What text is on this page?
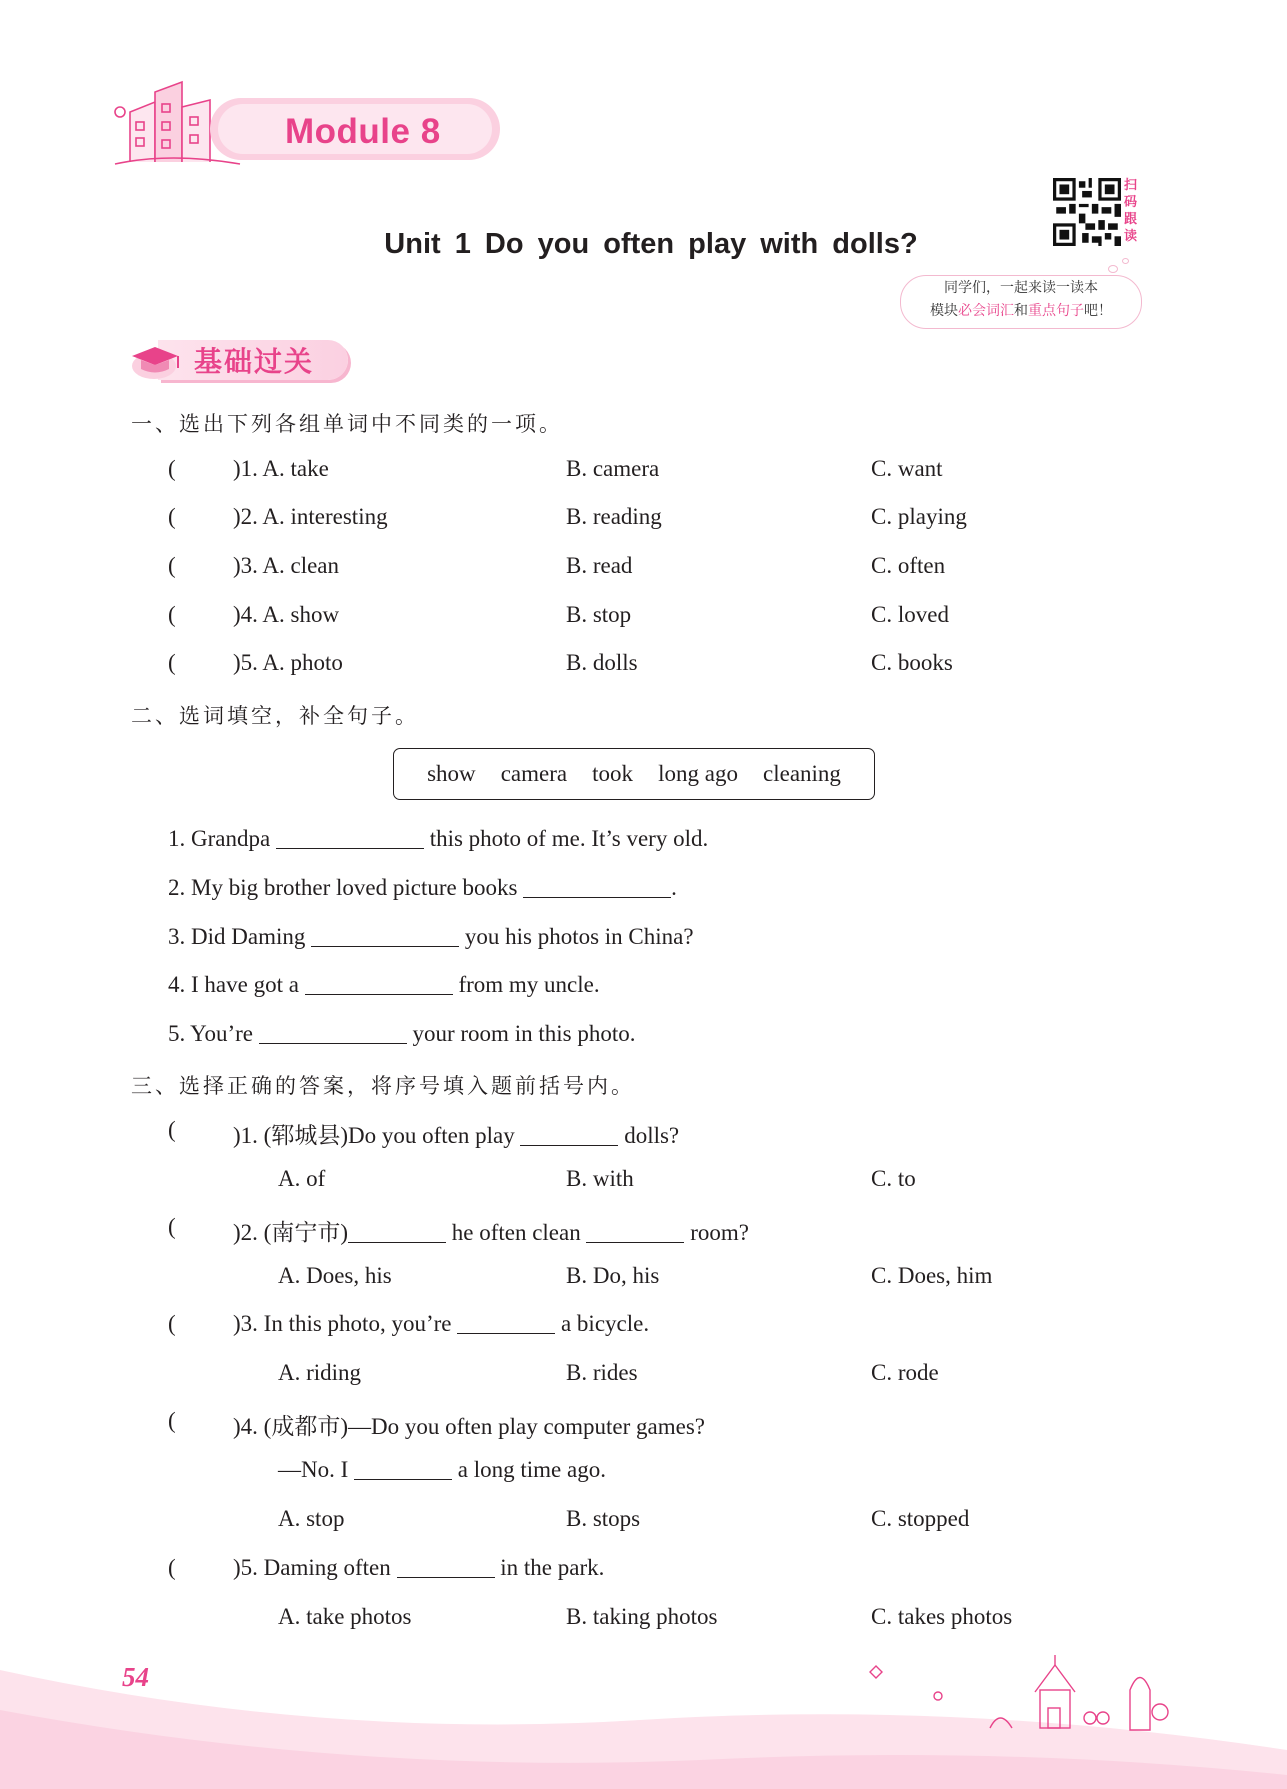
Module 8
Unit 1 Do you often play with dolls?
扫
码
跟
读
同学们，一起来读一读本
模块必会词汇和重点句子吧！
基础过关
一、选出下列各组单词中不同类的一项。
( )1. A. take	B. camera	C. want
( )2. A. interesting	B. reading	C. playing
( )3. A. clean	B. read	C. often
( )4. A. show	B. stop	C. loved
( )5. A. photo	B. dolls	C. books
二、选词填空，补全句子。
show camera took long ago cleaning
1. Grandpa	this photo of me. It’s very old.
2. My big brother loved picture books	.
3. Did Daming	you his photos in China?
4. I have got a	from my uncle.
5. You’re	your room in this photo.
三、选择正确的答案，将序号填入题前括号内。
( )1. (郓城县)Do you often play	dolls?
A. of	B. with	C. to
( )2. (南宁市)	he often clean	room?
A. Does, his	B. Do, his	C. Does, him
( )3. In this photo, you’re	a bicycle.
A. riding	B. rides	C. rode
( )4. (成都市)—Do you often play computer games?
—No. I	a long time ago.
A. stop	B. stops	C. stopped
( )5. Daming often	in the park.
A. take photos	B. taking photos	C. takes photos
54
